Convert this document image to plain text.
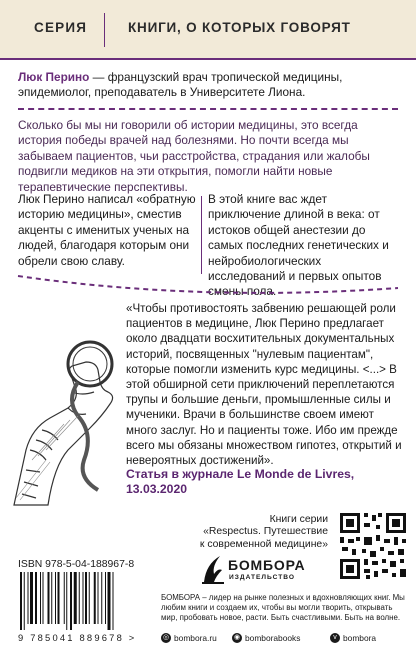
СЕРИЯ	КНИГИ, О КОТОРЫХ ГОВОРЯТ
Люк Перино — французский врач тропической медицины, эпидемиолог, преподаватель в Университете Лиона.
Сколько бы мы ни говорили об истории медицины, это всегда история победы врачей над болезнями. Но почти всегда мы забываем пациентов, чьи расстройства, страдания или жалобы подвигли медиков на эти открытия, помогли найти новые терапевтические перспективы.
Люк Перино написал «обратную историю медицины», сместив акценты с именитых ученых на людей, благодаря которым они обрели свою славу.
В этой книге вас ждет приключение длиной в века: от истоков общей анестезии до самых последних генетических и нейробиологических исследований и первых опытов смены пола.
«Чтобы противостоять забвению решающей роли пациентов в медицине, Люк Перино предлагает около двадцати восхитительных документальных историй, посвященных "нулевым пациентам", которые помогли изменить курс медицины. <...> В этой обширной сети приключений переплетаются трупы и большие деньги, промышленные силы и мученики. Врачи в большинстве своем имеют много заслуг. Но и пациенты тоже. Ибо им прежде всего мы обязаны множеством гипотез, открытий и невероятных достижений».
Статья в журнале Le Monde de Livres, 13.03.2020
Книги серии
«Respectus. Путешествие
к современной медицине»
ISBN 978-5-04-188967-8
9 785041 889678 >
БОМБОРА
ИЗДАТЕЛЬСТВО
БОМБОРА – лидер на рынке полезных и вдохновляющих книг. Мы любим книги и создаем их, чтобы вы могли творить, открывать мир, пробовать новое, расти. Быть счастливыми. Быть на волне.
◎ bombora.ru ◉ bomborabooks	v bombora
